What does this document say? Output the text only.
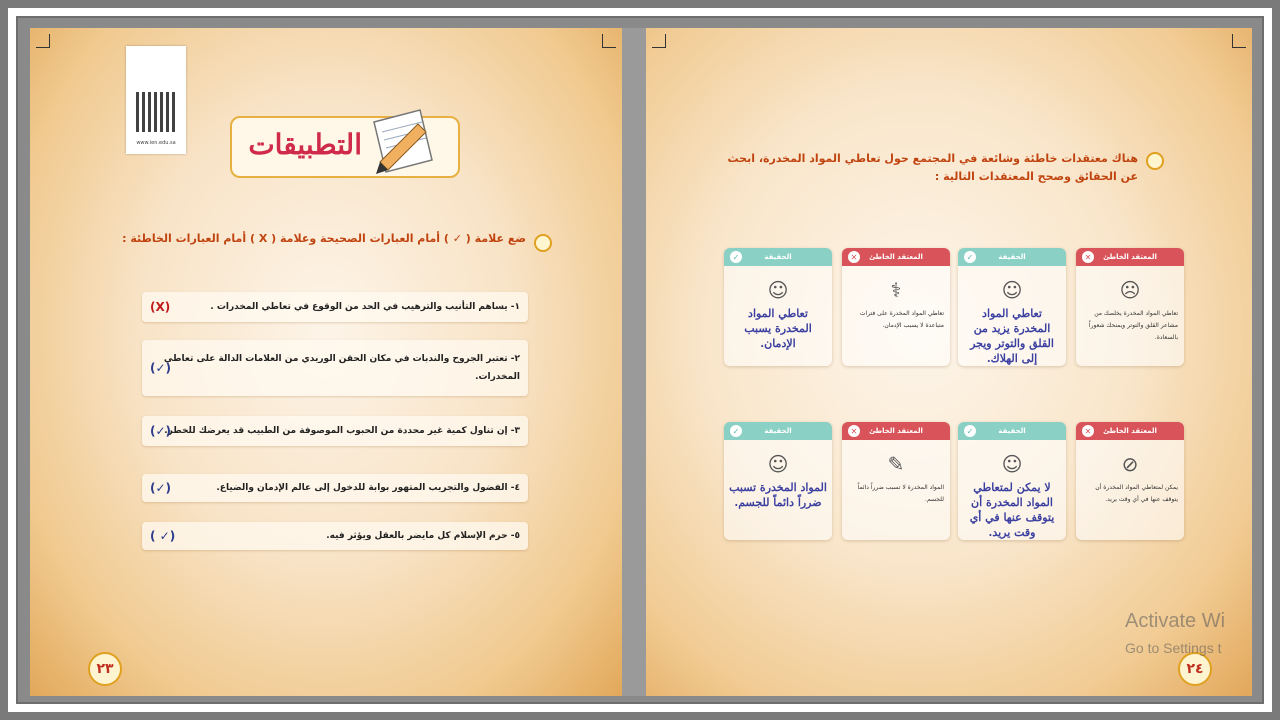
www.ien.edu.sa	التطبيقات
ضع علامة ( ✓ ) أمام العبارات الصحيحة وعلامة ( X ) أمام العبارات الخاطئة :
١- يساهم التأنيب والترهيب في الحد من الوقوع في تعاطي المخدرات .
(X)
٢- تعتبر الجروح والندبات في مكان الحقن الوريدي من العلامات الدالة على تعاطي المخدرات.
(✓)
٣- إن تناول كمية غير محددة من الحبوب الموصوفة من الطبيب قد يعرضك للخطر.
(✓)
٤- الفضول والتجريب المتهور بوابة للدخول إلى عالم الإدمان والضياع.
(✓)
٥- حرم الإسلام كل مايضر بالعقل ويؤثر فيه.
(✓ )
٢٣
هناك معتقدات خاطئة وشائعة في المجتمع حول تعاطي المواد المخدرة، ابحث عن الحقائق وصحح المعتقدات التالية :
✕	المعتقد الخاطئ
☹
تعاطي المواد المخدرة يخلصك من مشاعر القلق والتوتر ويمنحك شعوراً بالسعادة.
✓	الحقيقة
☺
تعاطي المواد المخدرة يزيد من القلق والتوتر ويجر إلى الهلاك.
✕	المعتقد الخاطئ
⚕
تعاطي المواد المخدرة على فترات متباعدة لا يسبب الإدمان.
✓	الحقيقة
☺
تعاطي المواد المخدرة يسبب الإدمان.
✕	المعتقد الخاطئ
⊘
يمكن لمتعاطي المواد المخدرة أن يتوقف عنها في أي وقت يريد.
✓	الحقيقة
☺
لا يمكن لمتعاطي المواد المخدرة أن يتوقف عنها في أي وقت يريد.
✕	المعتقد الخاطئ
✎
المواد المخدرة لا تسبب ضرراً دائماً للجسم.
✓	الحقيقة
☺
المواد المخدرة تسبب ضرراً دائماً للجسم.
٢٤
Activate Wi
Go to Settings t
